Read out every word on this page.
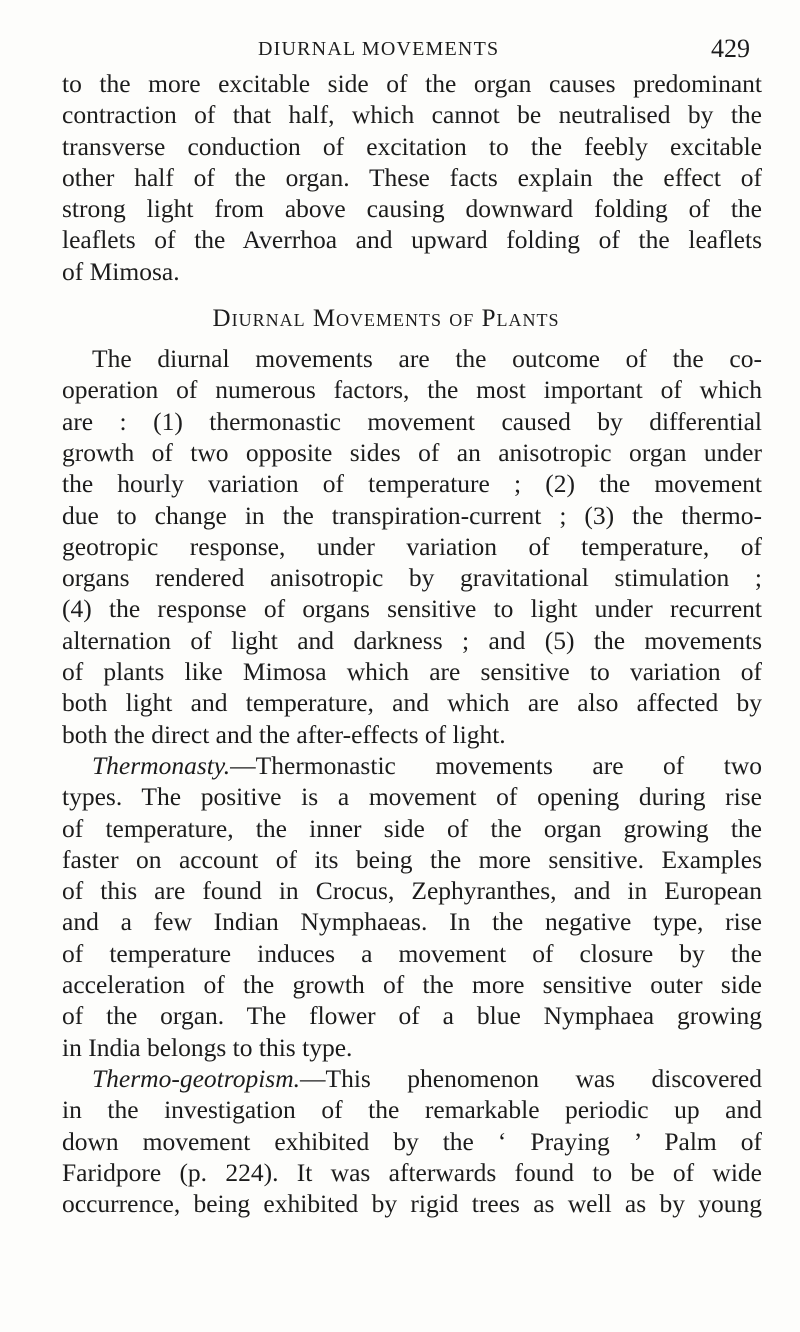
DIURNAL MOVEMENTS	429
to the more excitable side of the organ causes predominant
contraction of that half, which cannot be neutralised by the
transverse conduction of excitation to the feebly excitable
other half of the organ. These facts explain the effect of
strong light from above causing downward folding of the
leaflets of the Averrhoa and upward folding of the leaflets
of Mimosa.
Diurnal Movements of Plants
The diurnal movements are the outcome of the co-
operation of numerous factors, the most important of which
are : (1) thermonastic movement caused by differential
growth of two opposite sides of an anisotropic organ under
the hourly variation of temperature ; (2) the movement
due to change in the transpiration-current ; (3) the thermo-
geotropic response, under variation of temperature, of
organs rendered anisotropic by gravitational stimulation ;
(4) the response of organs sensitive to light under recurrent
alternation of light and darkness ; and (5) the movements
of plants like Mimosa which are sensitive to variation of
both light and temperature, and which are also affected by
both the direct and the after-effects of light.
Thermonasty.—Thermonastic movements are of two
types. The positive is a movement of opening during rise
of temperature, the inner side of the organ growing the
faster on account of its being the more sensitive. Examples
of this are found in Crocus, Zephyranthes, and in European
and a few Indian Nymphaeas. In the negative type, rise
of temperature induces a movement of closure by the
acceleration of the growth of the more sensitive outer side
of the organ. The flower of a blue Nymphaea growing
in India belongs to this type.
Thermo-geotropism.—This phenomenon was discovered
in the investigation of the remarkable periodic up and
down movement exhibited by the ‘ Praying ’ Palm of
Faridpore (p. 224). It was afterwards found to be of wide
occurrence, being exhibited by rigid trees as well as by young
